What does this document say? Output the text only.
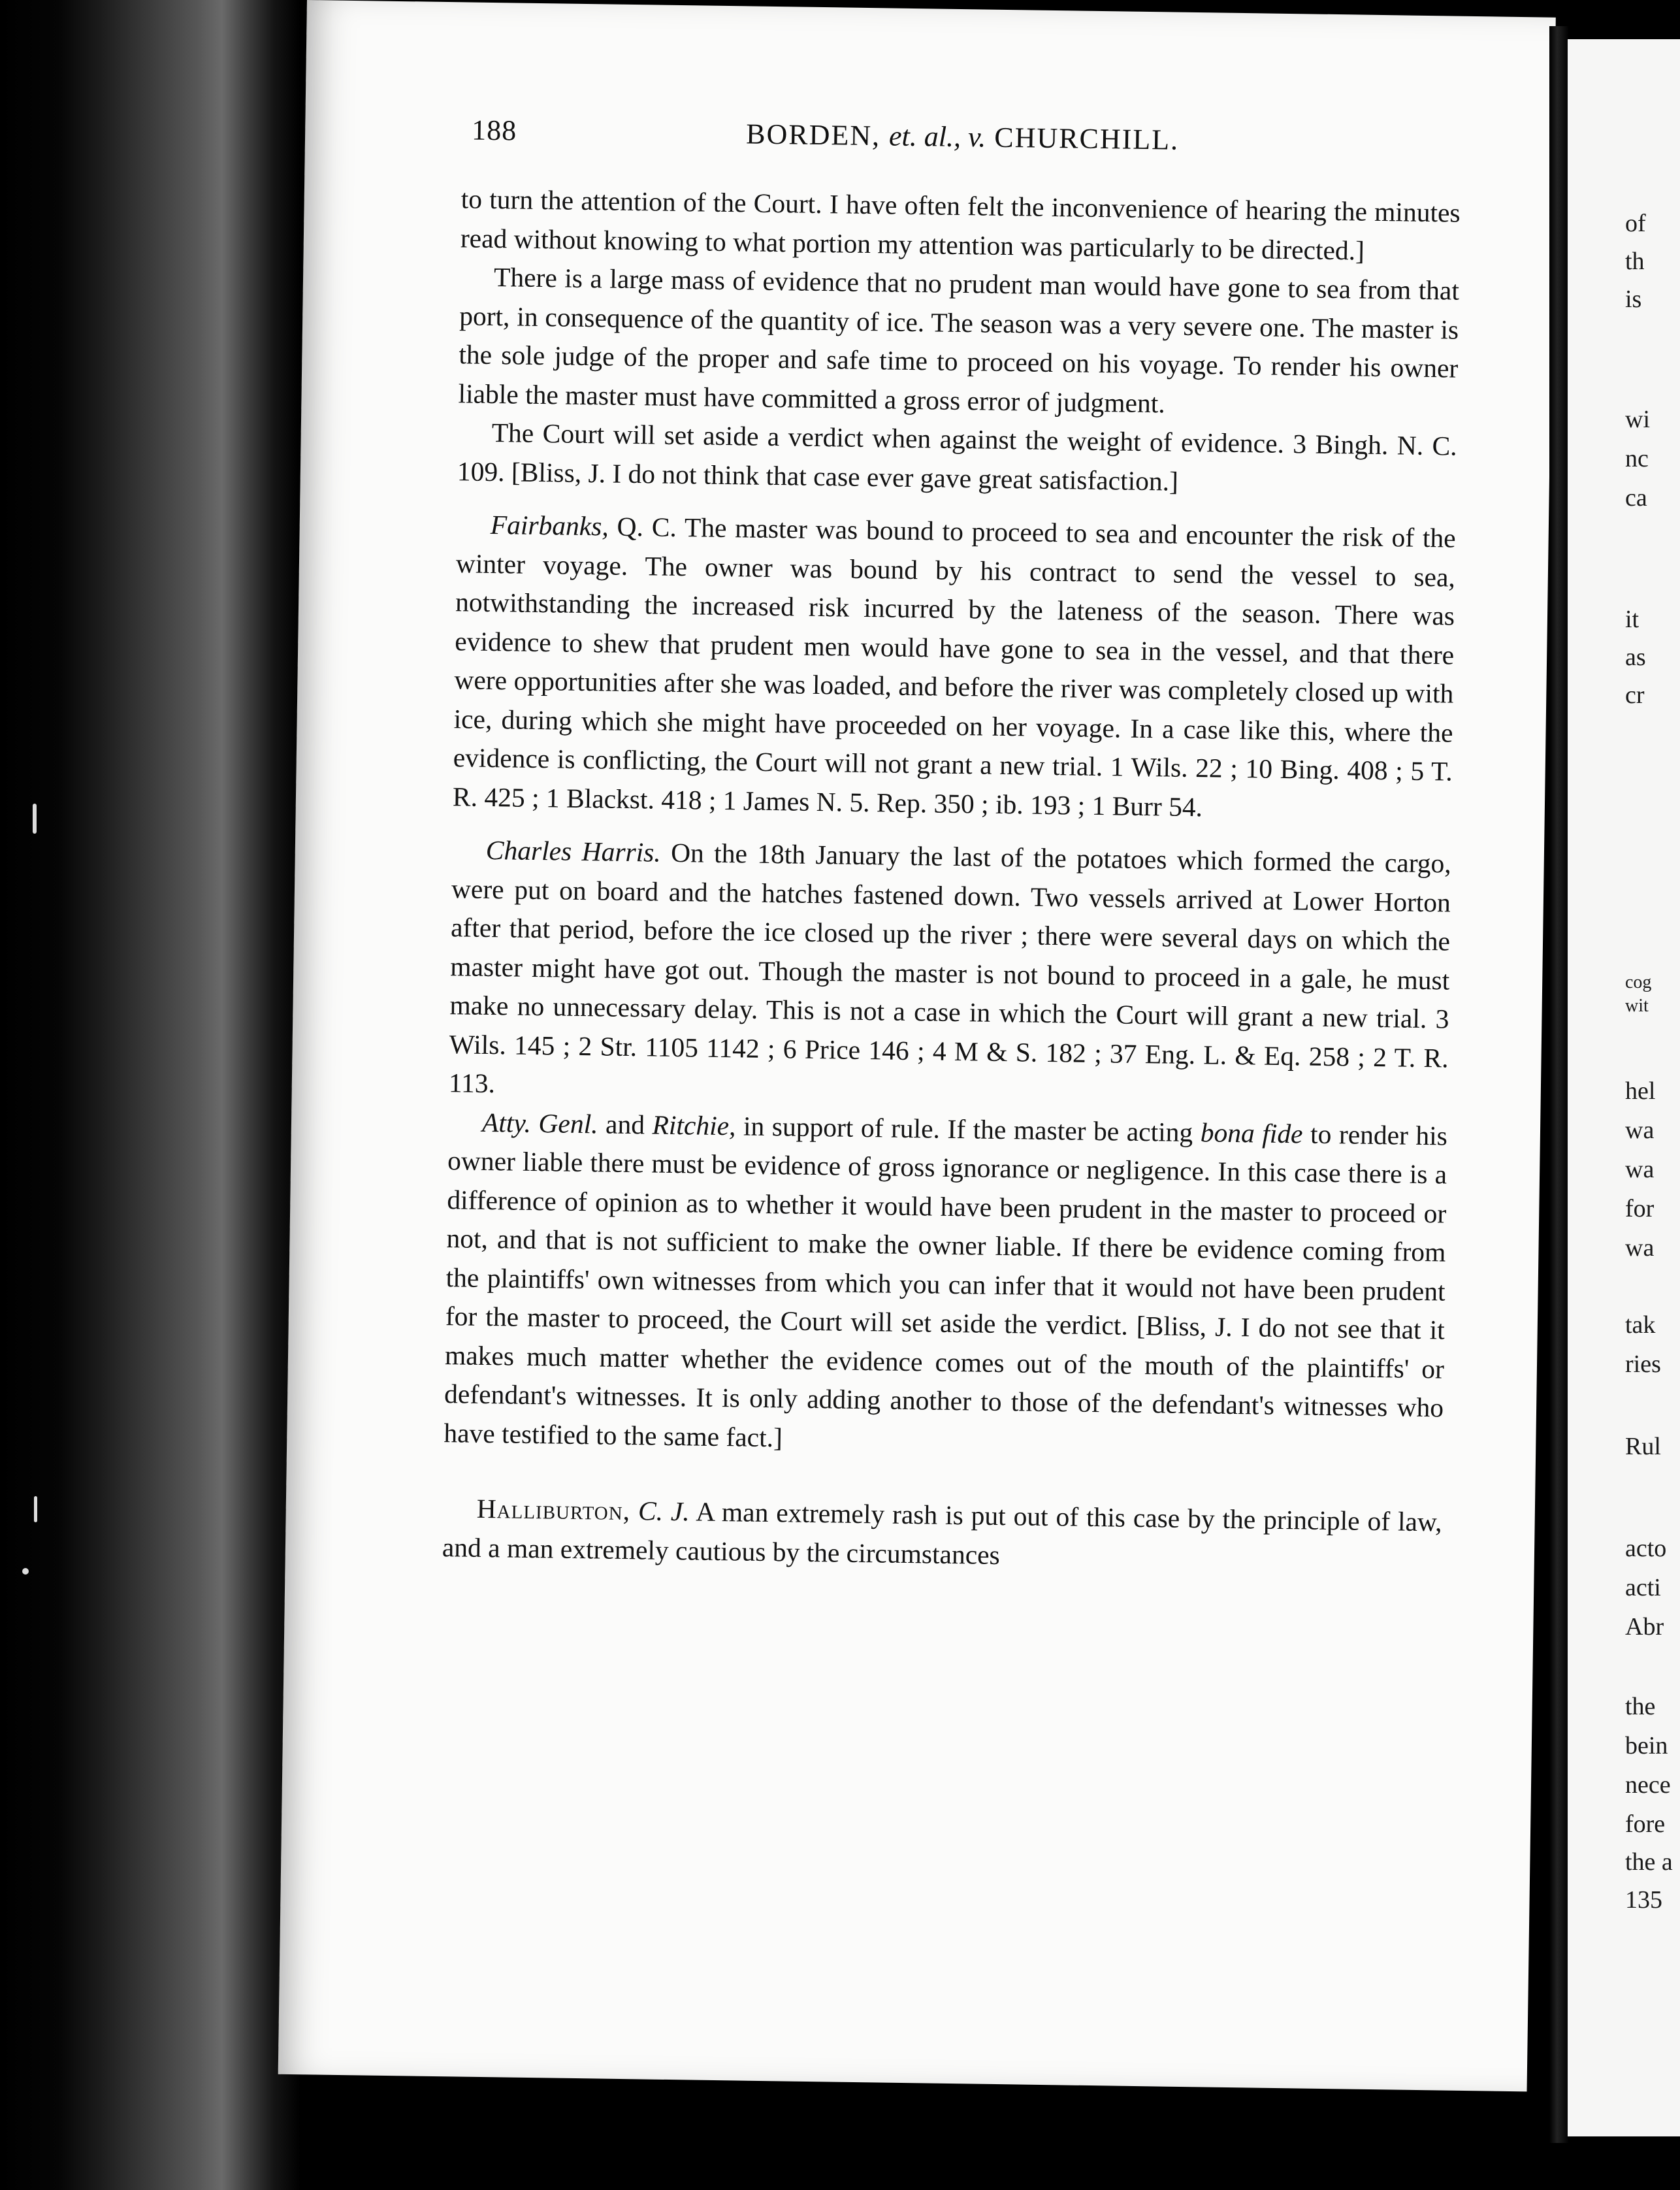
188	BORDEN, et. al., v. CHURCHILL.

to turn the attention of the Court. I have often felt the inconvenience of hearing the minutes read without knowing to what portion my attention was particularly to be directed.]

There is a large mass of evidence that no prudent man would have gone to sea from that port, in consequence of the quantity of ice. The season was a very severe one. The master is the sole judge of the proper and safe time to proceed on his voyage. To render his owner liable the master must have committed a gross error of judgment.

The Court will set aside a verdict when against the weight of evidence. 3 Bingh. N. C. 109. [Bliss, J. I do not think that case ever gave great satisfaction.]

Fairbanks, Q. C. The master was bound to proceed to sea and encounter the risk of the winter voyage. The owner was bound by his contract to send the vessel to sea, notwithstanding the increased risk incurred by the lateness of the season. There was evidence to shew that prudent men would have gone to sea in the vessel, and that there were opportunities after she was loaded, and before the river was completely closed up with ice, during which she might have proceeded on her voyage. In a case like this, where the evidence is conflicting, the Court will not grant a new trial. 1 Wils. 22 ; 10 Bing. 408 ; 5 T. R. 425 ; 1 Blackst. 418 ; 1 James N. 5. Rep. 350 ; ib. 193 ; 1 Burr 54.

Charles Harris. On the 18th January the last of the potatoes which formed the cargo, were put on board and the hatches fastened down. Two vessels arrived at Lower Horton after that period, before the ice closed up the river ; there were several days on which the master might have got out. Though the master is not bound to proceed in a gale, he must make no unnecessary delay. This is not a case in which the Court will grant a new trial. 3 Wils. 145 ; 2 Str. 1105 1142 ; 6 Price 146 ; 4 M & S. 182 ; 37 Eng. L. & Eq. 258 ; 2 T. R. 113.

Atty. Genl. and Ritchie, in support of rule. If the master be acting bona fide to render his owner liable there must be evidence of gross ignorance or negligence. In this case there is a difference of opinion as to whether it would have been prudent in the master to proceed or not, and that is not sufficient to make the owner liable. If there be evidence coming from the plaintiffs' own witnesses from which you can infer that it would not have been prudent for the master to proceed, the Court will set aside the verdict. [Bliss, J. I do not see that it makes much matter whether the evidence comes out of the mouth of the plaintiffs' or defendant's witnesses. It is only adding another to those of the defendant's witnesses who have testified to the same fact.]

Halliburton, C. J. A man extremely rash is put out of this case by the principle of law, and a man extremely cautious by the circumstances

of
th
is
wi
nc
ca
it
as
cr
cog
wit
hel
wa
wa
for
wa
tak
ries
Rul
acto
acti
Abr
the
bein
nece
fore
the a
135
